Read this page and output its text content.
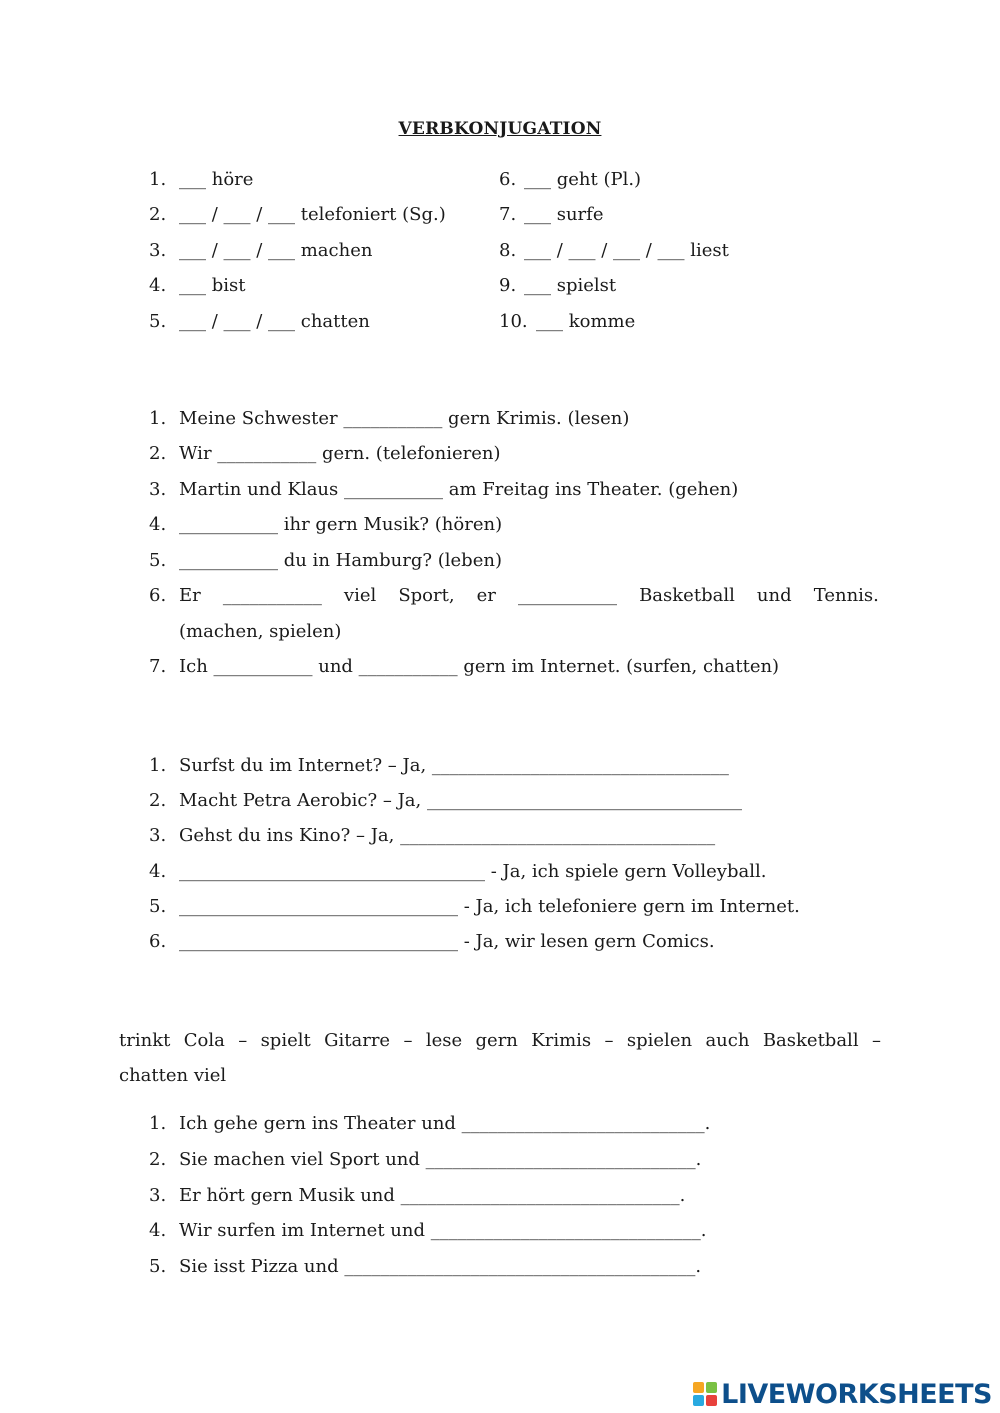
VERBKONJUGATION
1. ___ höre
2. ___ / ___ / ___ telefoniert (Sg.)
3. ___ / ___ / ___ machen
4. ___ bist
5. ___ / ___ / ___ chatten
6. ___ geht (Pl.)
7. ___ surfe
8. ___ / ___ / ___ / ___ liest
9. ___ spielst
10. ___ komme
1. Meine Schwester ___________ gern Krimis. (lesen)
2. Wir ___________ gern. (telefonieren)
3. Martin und Klaus ___________ am Freitag ins Theater. (gehen)
4. ___________ ihr gern Musik? (hören)
5. ___________ du in Hamburg? (leben)
6. Er ___________ viel Sport, er ___________ Basketball und Tennis.
(machen, spielen)
7. Ich ___________ und ___________ gern im Internet. (surfen, chatten)
1. Surfst du im Internet? – Ja, _________________________________
2. Macht Petra Aerobic? – Ja, ___________________________________
3. Gehst du ins Kino? – Ja, ___________________________________
4. __________________________________ - Ja, ich spiele gern Volleyball.
5. _______________________________ - Ja, ich telefoniere gern im Internet.
6. _______________________________ - Ja, wir lesen gern Comics.
trinkt Cola – spielt Gitarre – lese gern Krimis – spielen auch Basketball –
chatten viel
1. Ich gehe gern ins Theater und ___________________________.
2. Sie machen viel Sport und ______________________________.
3. Er hört gern Musik und _______________________________.
4. Wir surfen im Internet und ______________________________.
5. Sie isst Pizza und _______________________________________.
LIVEWORKSHEETS
